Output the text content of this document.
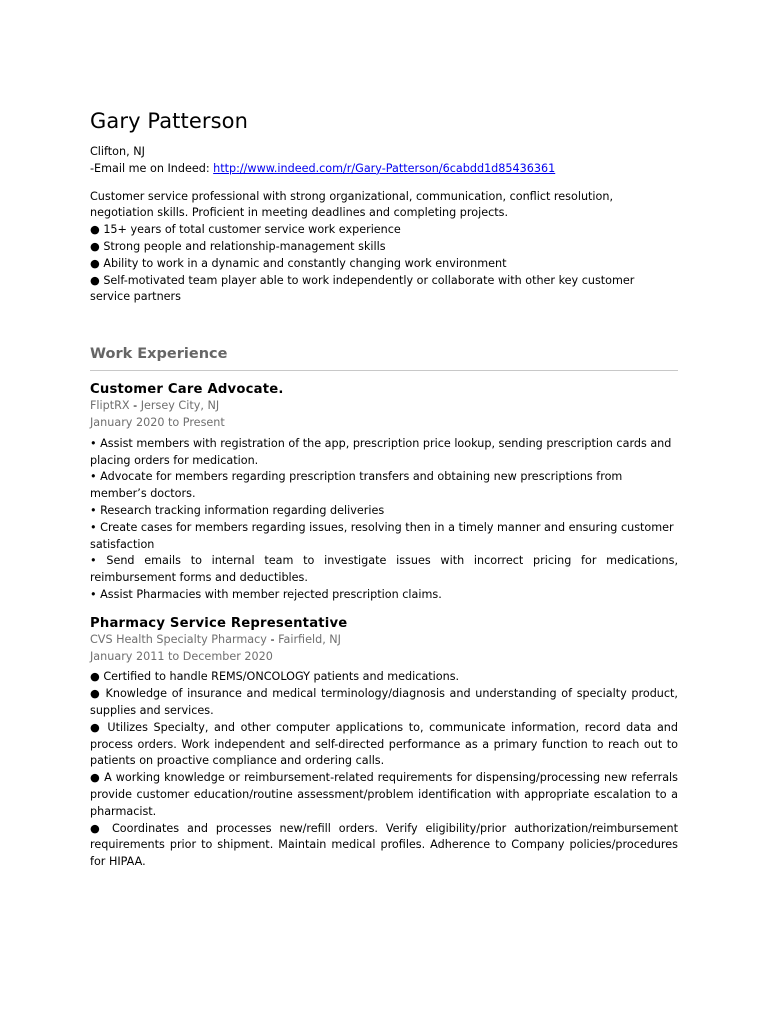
Gary Patterson

Clifton, NJ

-Email me on Indeed: http://www.indeed.com/r/Gary-Patterson/6cabdd1d85436361

Customer service professional with strong organizational, communication, conflict resolution, negotiation skills. Proficient in meeting deadlines and completing projects.

● 15+ years of total customer service work experience

● Strong people and relationship-management skills

● Ability to work in a dynamic and constantly changing work environment

● Self-motivated team player able to work independently or collaborate with other key customer service partners

Work Experience
Customer Care Advocate.
FliptRX - Jersey City, NJ
January 2020 to Present

• Assist members with registration of the app, prescription price lookup, sending prescription cards and placing orders for medication.

• Advocate for members regarding prescription transfers and obtaining new prescriptions from member’s doctors.

• Research tracking information regarding deliveries

• Create cases for members regarding issues, resolving then in a timely manner and ensuring customer satisfaction

• Send emails to internal team to investigate issues with incorrect pricing for medications, reimbursement forms and deductibles.

• Assist Pharmacies with member rejected prescription claims.

Pharmacy Service Representative
CVS Health Specialty Pharmacy - Fairfield, NJ
January 2011 to December 2020

● Certified to handle REMS/ONCOLOGY patients and medications.

● Knowledge of insurance and medical terminology/diagnosis and understanding of specialty product, supplies and services.

● Utilizes Specialty, and other computer applications to, communicate information, record data and process orders. Work independent and self-directed performance as a primary function to reach out to patients on proactive compliance and ordering calls.

● A working knowledge or reimbursement-related requirements for dispensing/processing new referrals provide customer education/routine assessment/problem identification with appropriate escalation to a pharmacist.

● Coordinates and processes new/refill orders. Verify eligibility/prior authorization/reimbursement requirements prior to shipment. Maintain medical profiles. Adherence to Company policies/procedures for HIPAA.
